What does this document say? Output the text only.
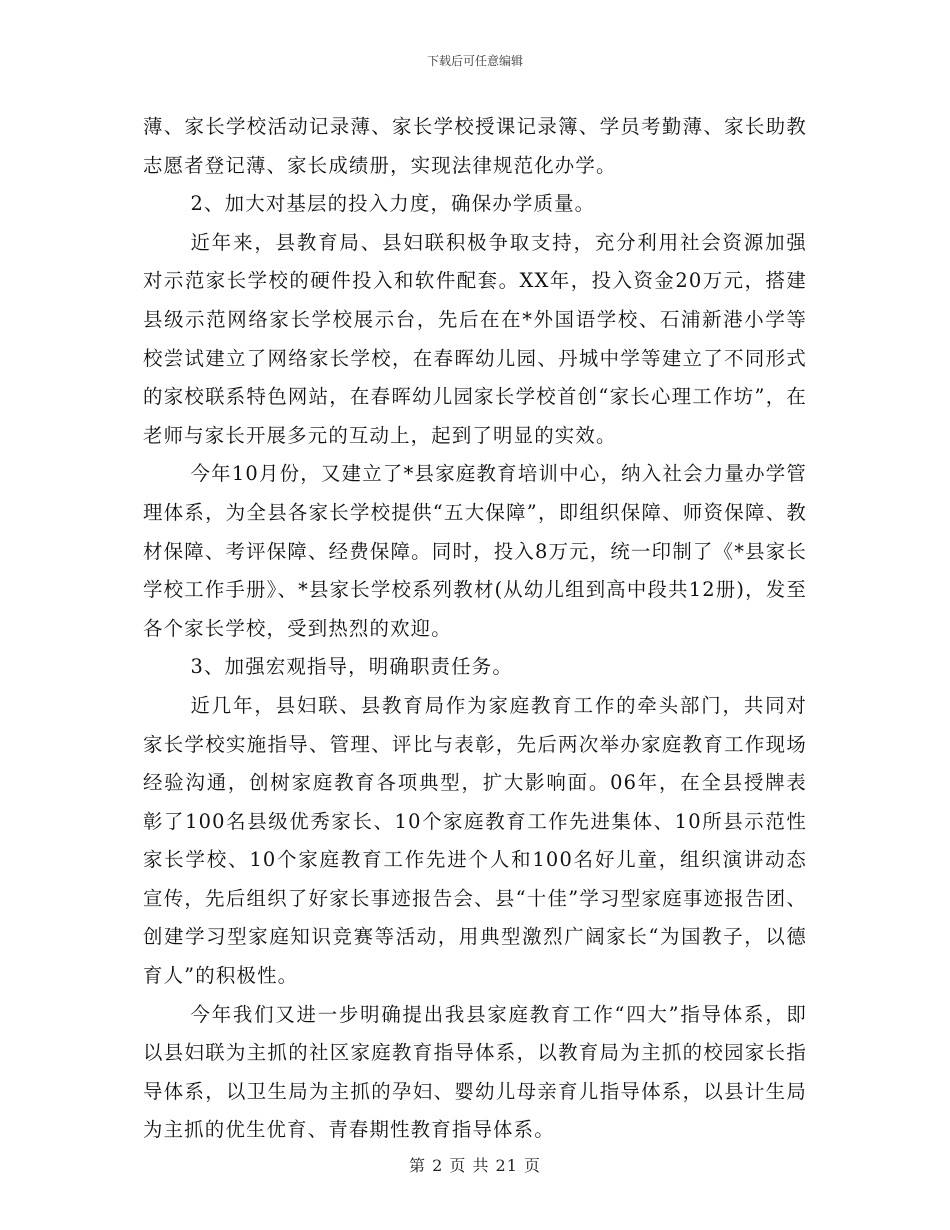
下载后可任意编辑

薄、家长学校活动记录薄、家长学校授课记录簿、学员考勤薄、家长助教志愿者登记薄、家长成绩册，实现法律规范化办学。

2、加大对基层的投入力度，确保办学质量。

近年来，县教育局、县妇联积极争取支持，充分利用社会资源加强对示范家长学校的硬件投入和软件配套。XX年，投入资金20万元，搭建县级示范网络家长学校展示台，先后在在*外国语学校、石浦新港小学等校尝试建立了网络家长学校，在春晖幼儿园、丹城中学等建立了不同形式的家校联系特色网站，在春晖幼儿园家长学校首创“家长心理工作坊”，在老师与家长开展多元的互动上，起到了明显的实效。

今年10月份，又建立了*县家庭教育培训中心，纳入社会力量办学管理体系，为全县各家长学校提供“五大保障”，即组织保障、师资保障、教材保障、考评保障、经费保障。同时，投入8万元，统一印制了《*县家长学校工作手册》、*县家长学校系列教材(从幼儿组到高中段共12册)，发至各个家长学校，受到热烈的欢迎。

3、加强宏观指导，明确职责任务。

近几年，县妇联、县教育局作为家庭教育工作的牵头部门，共同对家长学校实施指导、管理、评比与表彰，先后两次举办家庭教育工作现场经验沟通，创树家庭教育各项典型，扩大影响面。06年，在全县授牌表彰了100名县级优秀家长、10个家庭教育工作先进集体、10所县示范性家长学校、10个家庭教育工作先进个人和100名好儿童，组织演讲动态宣传，先后组织了好家长事迹报告会、县“十佳”学习型家庭事迹报告团、创建学习型家庭知识竞赛等活动，用典型激烈广阔家长“为国教子，以德育人”的积极性。

今年我们又进一步明确提出我县家庭教育工作“四大”指导体系，即以县妇联为主抓的社区家庭教育指导体系，以教育局为主抓的校园家长指导体系，以卫生局为主抓的孕妇、婴幼儿母亲育儿指导体系，以县计生局为主抓的优生优育、青春期性教育指导体系。

第 2 页 共 21 页
